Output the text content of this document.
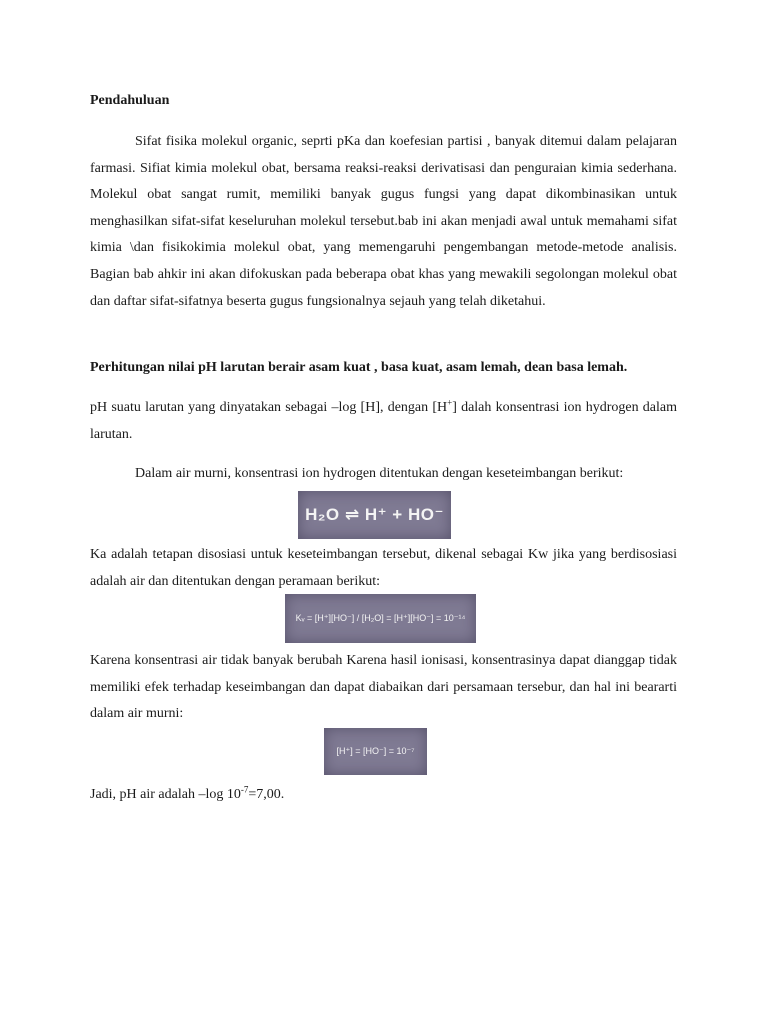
Pendahuluan
Sifat fisika molekul organic, seprti pKa dan koefesian partisi , banyak ditemui dalam pelajaran farmasi. Sifiat kimia molekul obat, bersama reaksi-reaksi derivatisasi dan penguraian kimia sederhana. Molekul obat sangat rumit, memiliki banyak gugus fungsi yang dapat dikombinasikan untuk menghasilkan sifat-sifat keseluruhan molekul tersebut.bab ini akan menjadi awal untuk memahami sifat kimia \dan fisikokimia molekul obat, yang memengaruhi pengembangan metode-metode analisis. Bagian bab ahkir ini akan difokuskan pada beberapa obat khas yang mewakili segolongan molekul obat dan daftar sifat-sifatnya beserta gugus fungsionalnya sejauh yang telah diketahui.
Perhitungan nilai pH larutan berair asam kuat , basa kuat, asam lemah, dean basa lemah.
pH suatu larutan yang dinyatakan sebagai –log [H], dengan [H+] dalah konsentrasi ion hydrogen dalam larutan.
Dalam air murni, konsentrasi ion hydrogen ditentukan dengan keseteimbangan berikut:
H₂O ⇌ H⁺ + HO⁻
Ka adalah tetapan disosiasi untuk keseteimbangan tersebut, dikenal sebagai Kw jika yang berdisosiasi adalah air dan ditentukan dengan peramaan berikut:
Kᵥ = [H⁺][HO⁻] / [H₂O] = [H⁺][HO⁻] = 10⁻¹⁴
Karena konsentrasi air tidak banyak berubah Karena hasil ionisasi, konsentrasinya dapat dianggap tidak memiliki efek terhadap keseimbangan dan dapat diabaikan dari persamaan tersebur, dan hal ini beararti dalam air murni:
[H⁺] = [HO⁻] = 10⁻⁷
Jadi, pH air adalah –log $10^{-7}=7,00$.
